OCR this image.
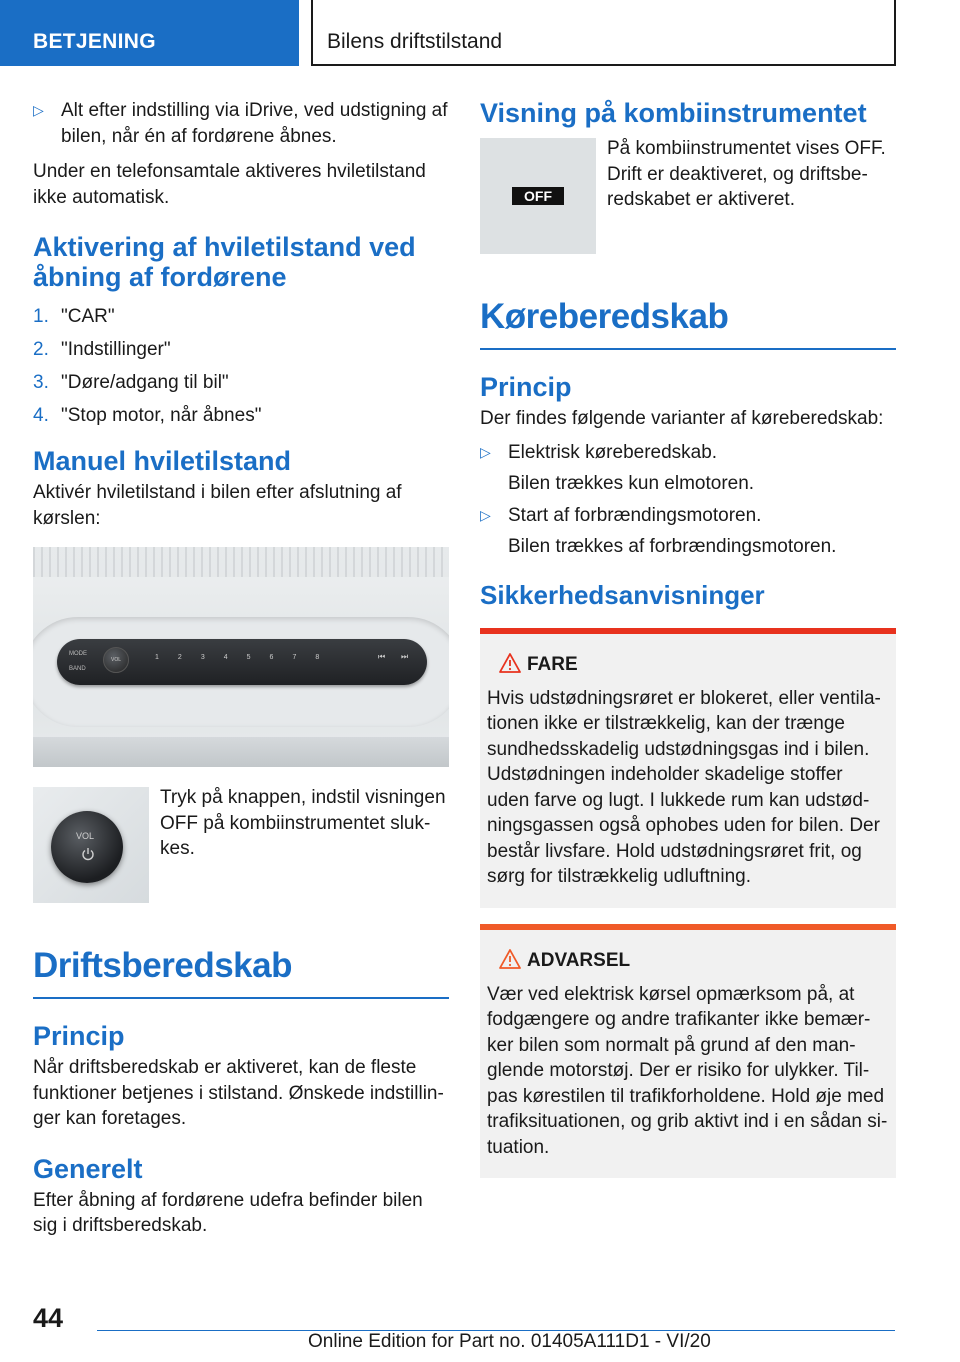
BETJENING	Bilens driftstilstand
▷ Alt efter indstilling via iDrive, ved udstigning af bilen, når én af fordørene åbnes.

Under en telefonsamtale aktiveres hviletilstand ikke automatisk.

Aktivering af hviletilstand ved åbning af fordørene
1. "CAR"
2. "Indstillinger"
3. "Døre/adgang til bil"
4. "Stop motor, når åbnes"
Manuel hviletilstand

Aktivér hviletilstand i bilen efter afslutning af kørslen:

MODE
BAND
VOL	1	2	3	4	5	6	7	8	⏮ ⏭
VOL

Tryk på knappen, indstil visningen OFF på kombiinstrumentet slukkes.

Driftsberedskab
Princip

Når driftsberedskab er aktiveret, kan de fleste funktioner betjenes i stilstand. Ønskede indstillinger kan foretages.

Generelt

Efter åbning af fordørene udefra befinder bilen sig i driftsberedskab.

Visning på kombiinstrumentet
OFF

På kombiinstrumentet vises OFF. Drift er deaktiveret, og driftsberedskabet er aktiveret.

Køreberedskab
Princip

Der findes følgende varianter af køreberedskab:

▷ Elektrisk køreberedskab.
Bilen trækkes kun elmotoren.
▷ Start af forbrændingsmotoren.
Bilen trækkes af forbrændingsmotoren.
Sikkerhedsanvisninger
FARE

Hvis udstødningsrøret er blokeret, eller ventilationen ikke er tilstrækkelig, kan der trænge sundhedsskadelig udstødningsgas ind i bilen. Udstødningen indeholder skadelige stoffer uden farve og lugt. I lukkede rum kan udstødningsgassen også ophobes uden for bilen. Der består livsfare. Hold udstødningsrøret frit, og sørg for tilstrækkelig udluftning.

ADVARSEL

Vær ved elektrisk kørsel opmærksom på, at fodgængere og andre trafikanter ikke bemærker bilen som normalt på grund af den manglende motorstøj. Der er risiko for ulykker. Tilpas kørestilen til trafikforholdene. Hold øje med trafiksituationen, og grib aktivt ind i en sådan situation.

44
Online Edition for Part no. 01405A111D1 - VI/20
